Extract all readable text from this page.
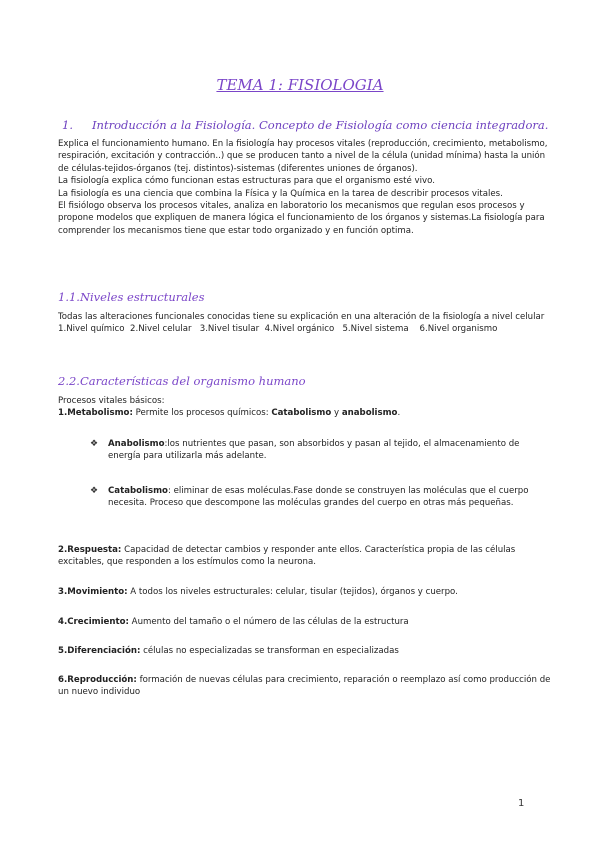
TEMA 1: FISIOLOGIA
1. Introducción a la Fisiología. Concepto de Fisiología como ciencia integradora.

Explica el funcionamiento humano. En la fisiología hay procesos vitales (reproducción, crecimiento, metabolismo, respiración, excitación y contracción..) que se producen tanto a nivel de la célula (unidad mínima) hasta la unión de células-tejidos-órganos (tej. distintos)-sistemas (diferentes uniones de órganos).

La fisiología explica cómo funcionan estas estructuras para que el organismo esté vivo.

La fisiología es una ciencia que combina la Física y la Química en la tarea de describir procesos vitales.

El fisiólogo observa los procesos vitales, analiza en laboratorio los mecanismos que regulan esos procesos y propone modelos que expliquen de manera lógica el funcionamiento de los órganos y sistemas.La fisiología para comprender los mecanismos tiene que estar todo organizado y en función optima.

1.1.Niveles estructurales

Todas las alteraciones funcionales conocidas tiene su explicación en una alteración de la fisiología a nivel celular

1.Nivel químico  2.Nivel celular   3.Nivel tisular  4.Nivel orgánico   5.Nivel sistema    6.Nivel organismo

2.2.Características del organismo humano

Procesos vitales básicos:

1.Metabolismo: Permite los procesos químicos: Catabolismo y anabolismo.

❖ Anabolismo:los nutrientes que pasan, son absorbidos y pasan al tejido, el almacenamiento de energía para utilizarla más adelante.
❖ Catabolismo: eliminar de esas moléculas.Fase donde se construyen las moléculas que el cuerpo necesita. Proceso que descompone las moléculas grandes del cuerpo en otras más pequeñas.
2.Respuesta: Capacidad de detectar cambios y responder ante ellos. Característica propia de las células excitables, que responden a los estímulos como la neurona.
3.Movimiento: A todos los niveles estructurales: celular, tisular (tejidos), órganos y cuerpo.
4.Crecimiento: Aumento del tamaño o el número de las células de la estructura
5.Diferenciación: células no especializadas se transforman en especializadas
6.Reproducción: formación de nuevas células para crecimiento, reparación o reemplazo así como producción de un nuevo individuo
1
